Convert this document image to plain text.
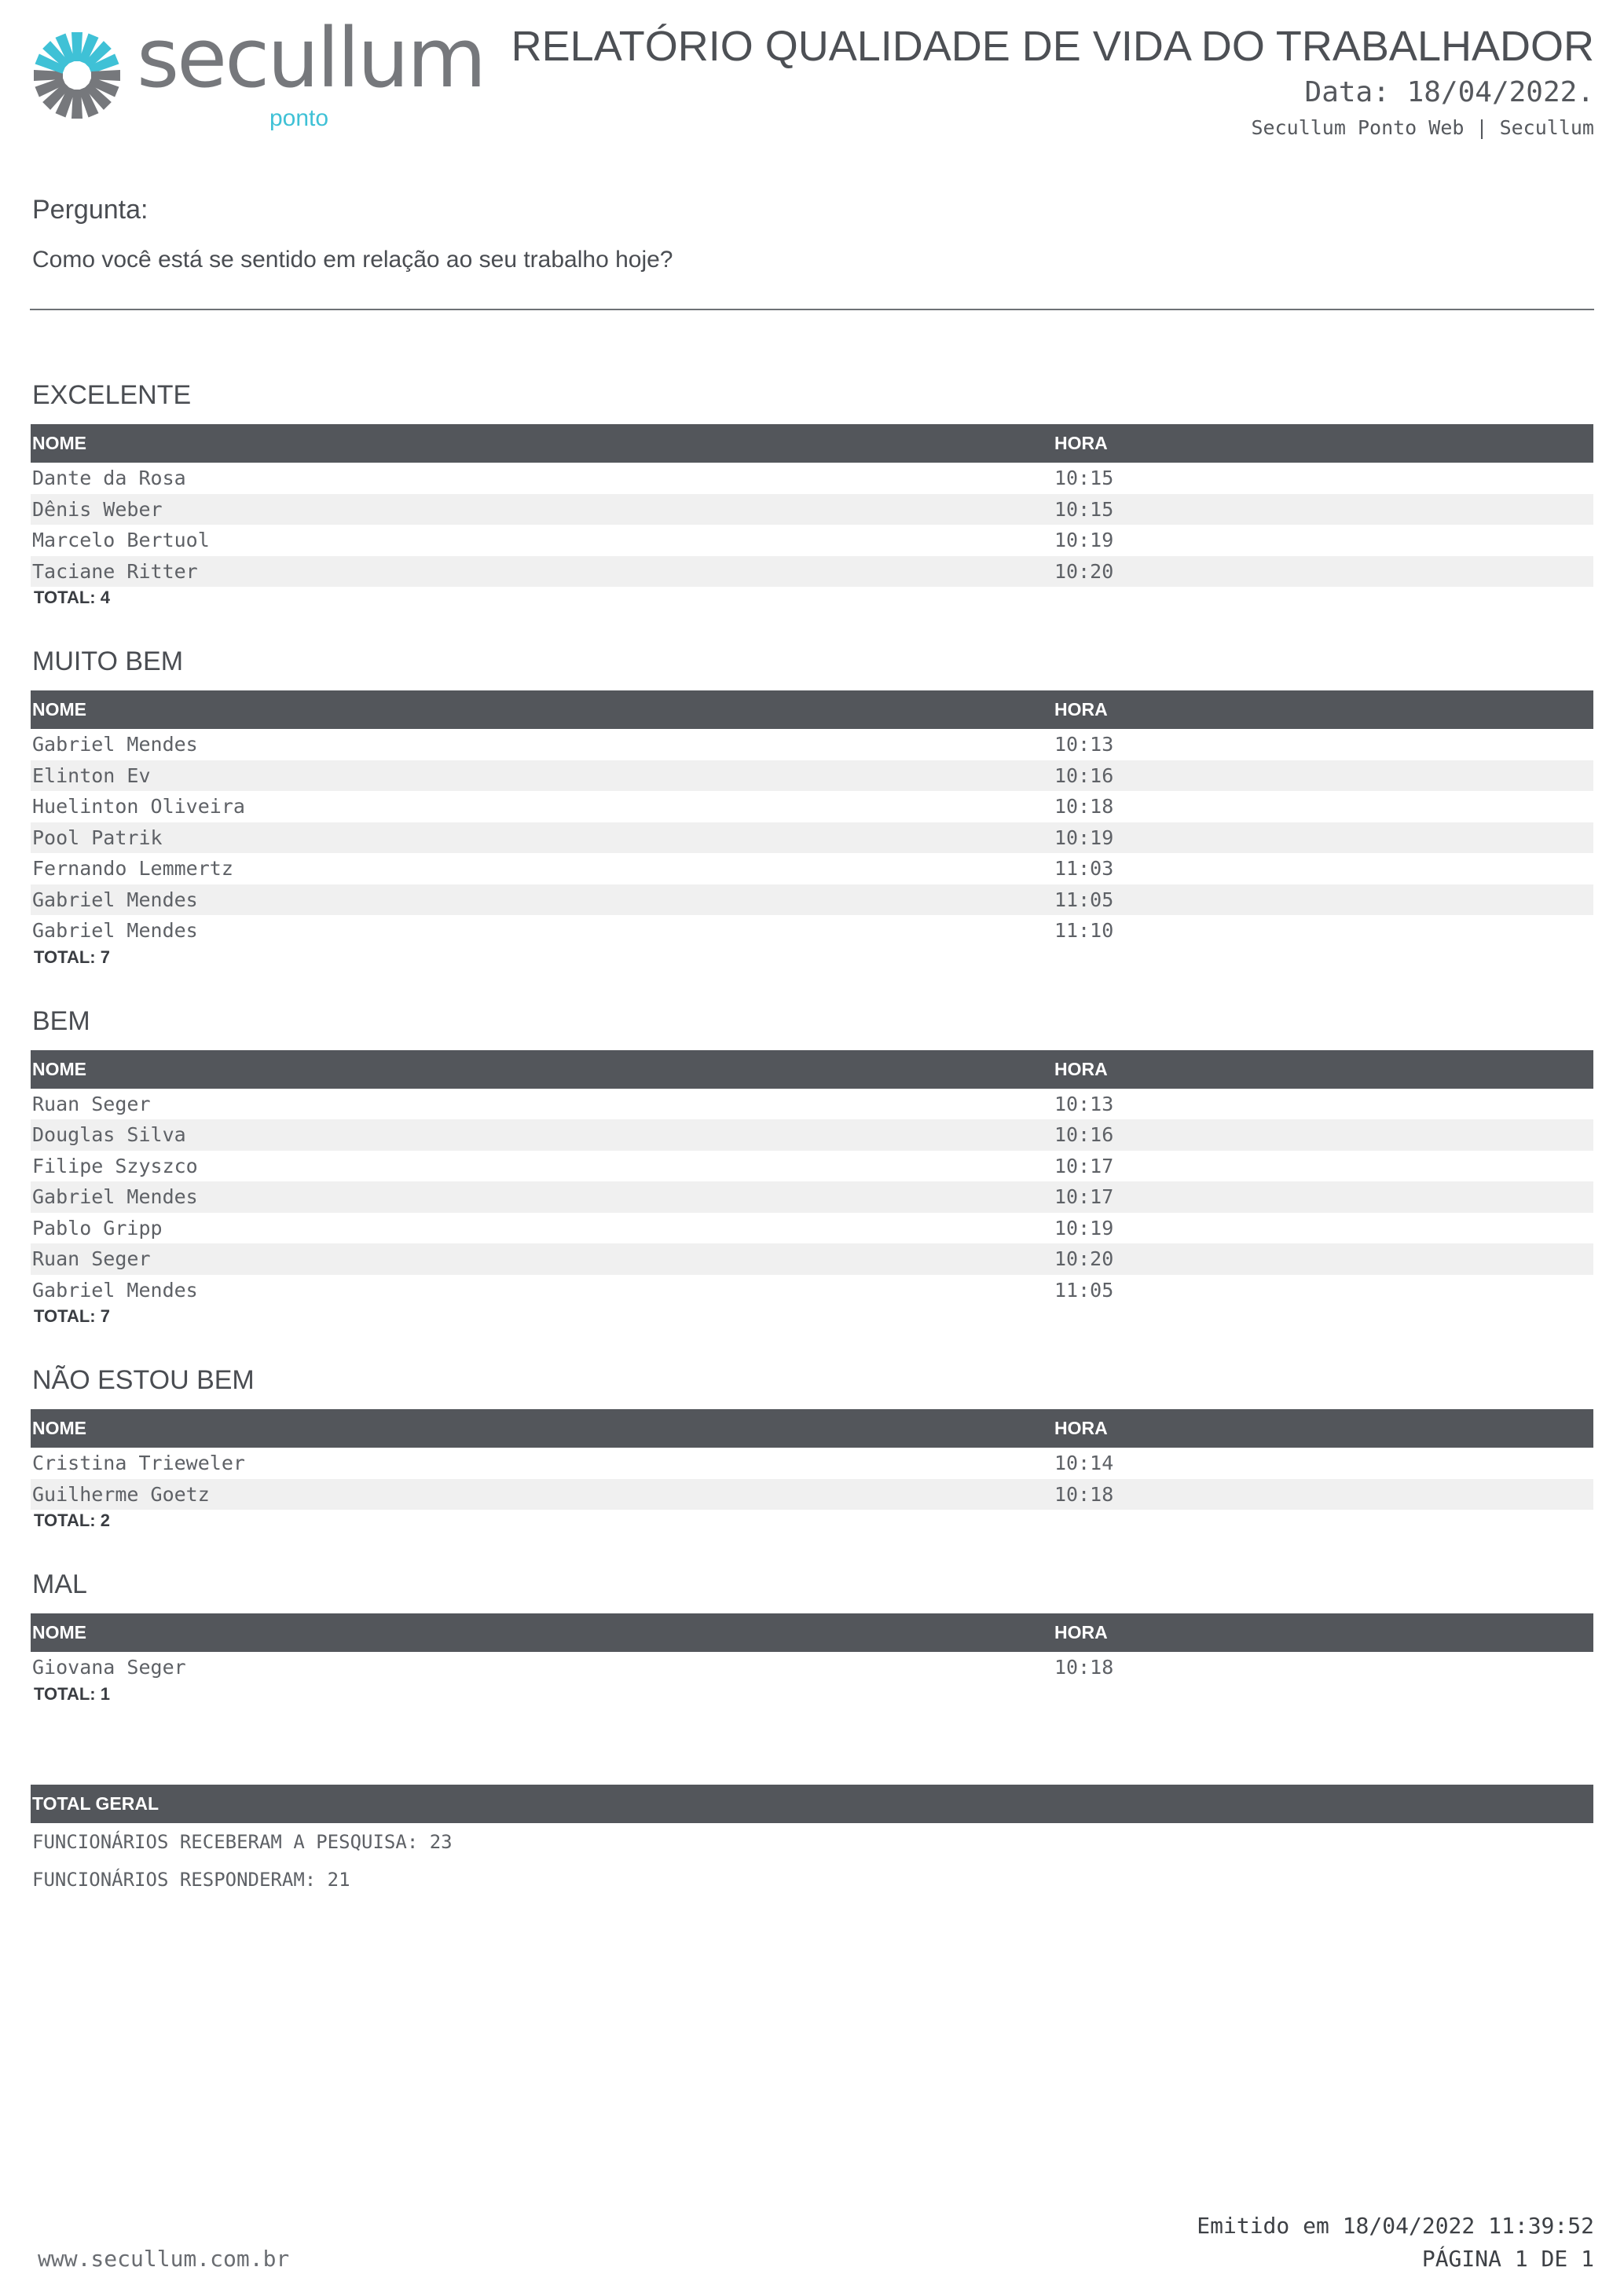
secullum
ponto
RELATÓRIO QUALIDADE DE VIDA DO TRABALHADOR
Data: 18/04/2022.
Secullum Ponto Web | Secullum
Pergunta:
Como você está se sentido em relação ao seu trabalho hoje?
EXCELENTE
NOME	HORA
Dante da Rosa	10:15
Dênis Weber	10:15
Marcelo Bertuol	10:19
Taciane Ritter	10:20
TOTAL: 4
MUITO BEM
NOME	HORA
Gabriel Mendes	10:13
Elinton Ev	10:16
Huelinton Oliveira	10:18
Pool Patrik	10:19
Fernando Lemmertz	11:03
Gabriel Mendes	11:05
Gabriel Mendes	11:10
TOTAL: 7
BEM
NOME	HORA
Ruan Seger	10:13
Douglas Silva	10:16
Filipe Szyszco	10:17
Gabriel Mendes	10:17
Pablo Gripp	10:19
Ruan Seger	10:20
Gabriel Mendes	11:05
TOTAL: 7
NÃO ESTOU BEM
NOME	HORA
Cristina Trieweler	10:14
Guilherme Goetz	10:18
TOTAL: 2
MAL
NOME	HORA
Giovana Seger	10:18
TOTAL: 1
TOTAL GERAL
FUNCIONÁRIOS RECEBERAM A PESQUISA: 23
FUNCIONÁRIOS RESPONDERAM: 21
www.secullum.com.br
Emitido em 18/04/2022 11:39:52
PÁGINA 1 DE 1
